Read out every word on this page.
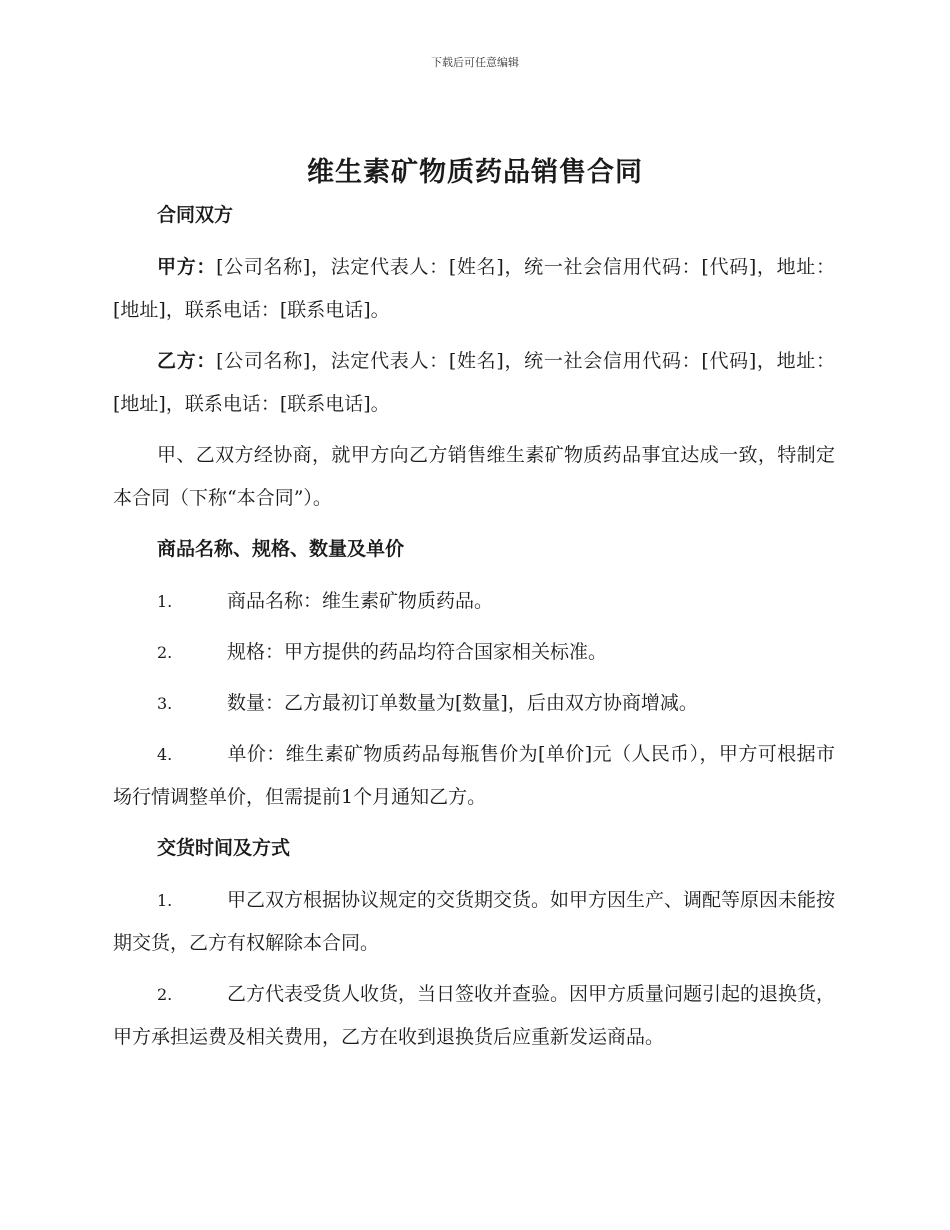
下载后可任意编辑
维生素矿物质药品销售合同
合同双方

甲方：[公司名称]，法定代表人：[姓名]，统一社会信用代码：[代码]，地址：[地址]，联系电话：[联系电话]。

乙方：[公司名称]，法定代表人：[姓名]，统一社会信用代码：[代码]，地址：[地址]，联系电话：[联系电话]。

甲、乙双方经协商，就甲方向乙方销售维生素矿物质药品事宜达成一致，特制定本合同（下称“本合同”）。

商品名称、规格、数量及单价

1.	商品名称：维生素矿物质药品。

2.	规格：甲方提供的药品均符合国家相关标准。

3.	数量：乙方最初订单数量为[数量]，后由双方协商增减。

4.	单价：维生素矿物质药品每瓶售价为[单价]元（人民币），甲方可根据市场行情调整单价，但需提前1个月通知乙方。

交货时间及方式

1.	甲乙双方根据协议规定的交货期交货。如甲方因生产、调配等原因未能按期交货，乙方有权解除本合同。

2.	乙方代表受货人收货，当日签收并查验。因甲方质量问题引起的退换货，甲方承担运费及相关费用，乙方在收到退换货后应重新发运商品。
